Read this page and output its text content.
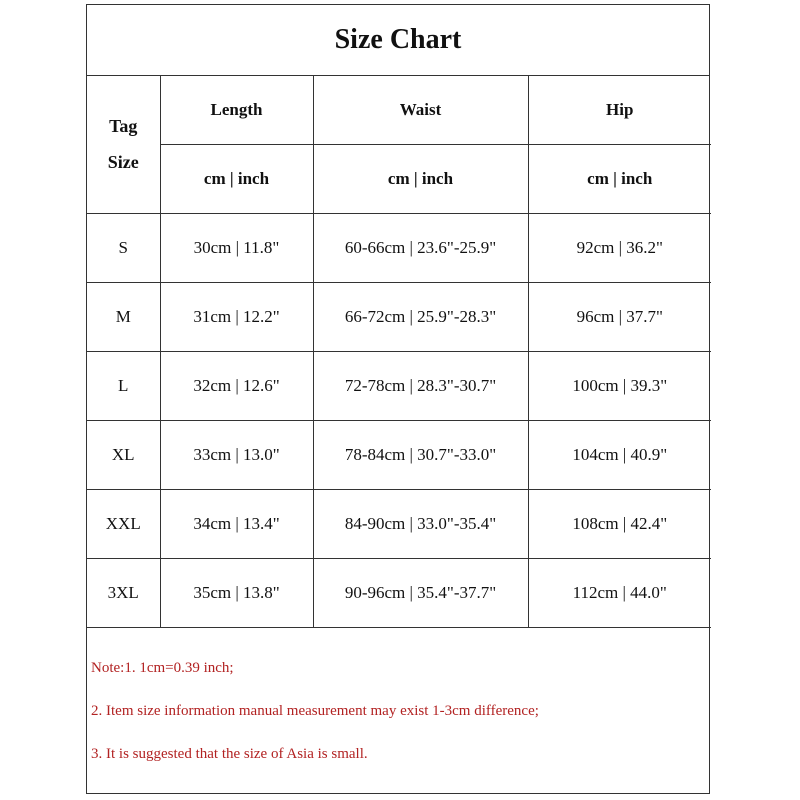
Size Chart
Tag
Size	Length	Waist	Hip
	cm | inch	cm | inch	cm | inch
S	30cm | 11.8"	60-66cm | 23.6"-25.9"	92cm | 36.2"
M	31cm | 12.2"	66-72cm | 25.9"-28.3"	96cm | 37.7"
L	32cm | 12.6"	72-78cm | 28.3"-30.7"	100cm | 39.3"
XL	33cm | 13.0"	78-84cm | 30.7"-33.0"	104cm | 40.9"
XXL	34cm | 13.4"	84-90cm | 33.0"-35.4"	108cm | 42.4"
3XL	35cm | 13.8"	90-96cm | 35.4"-37.7"	112cm | 44.0"
Note:1. 1cm=0.39 inch;
2. Item size information manual measurement may exist 1-3cm difference;
3. It is suggested that the size of Asia is small.
